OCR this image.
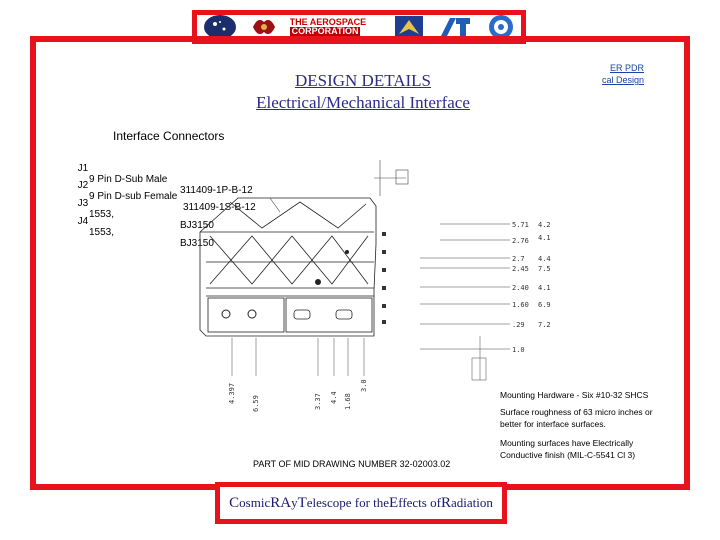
THE AEROSPACE
CORPORATION
ER PDR
cal Design
DESIGN DETAILS
Electrical/Mechanical Interface
Interface Connectors

J1

9 Pin D-Sub Male

311409-1P-B-12

J2

9 Pin D-sub Female

311409-1S-B-12

J3

1553,

BJ3150

J4

1553,

BJ3150

5.71
2.76
2.7
2.45
2.40
1.60
.29
1.0
4.2
4.1
4.4
7.5
4.1
6.9
7.2
4.397 6.59	3.37 4.4 1.68
3.0
Mounting Hardware - Six #10-32 SHCS
Surface roughness of 63 micro inches or
better for interface surfaces.
Mounting surfaces have Electrically
Conductive finish (MIL-C-5541 Cl 3)
PART OF MID DRAWING NUMBER 32-02003.02
C osmic RA y T elescope for the E ffects of R adiation
